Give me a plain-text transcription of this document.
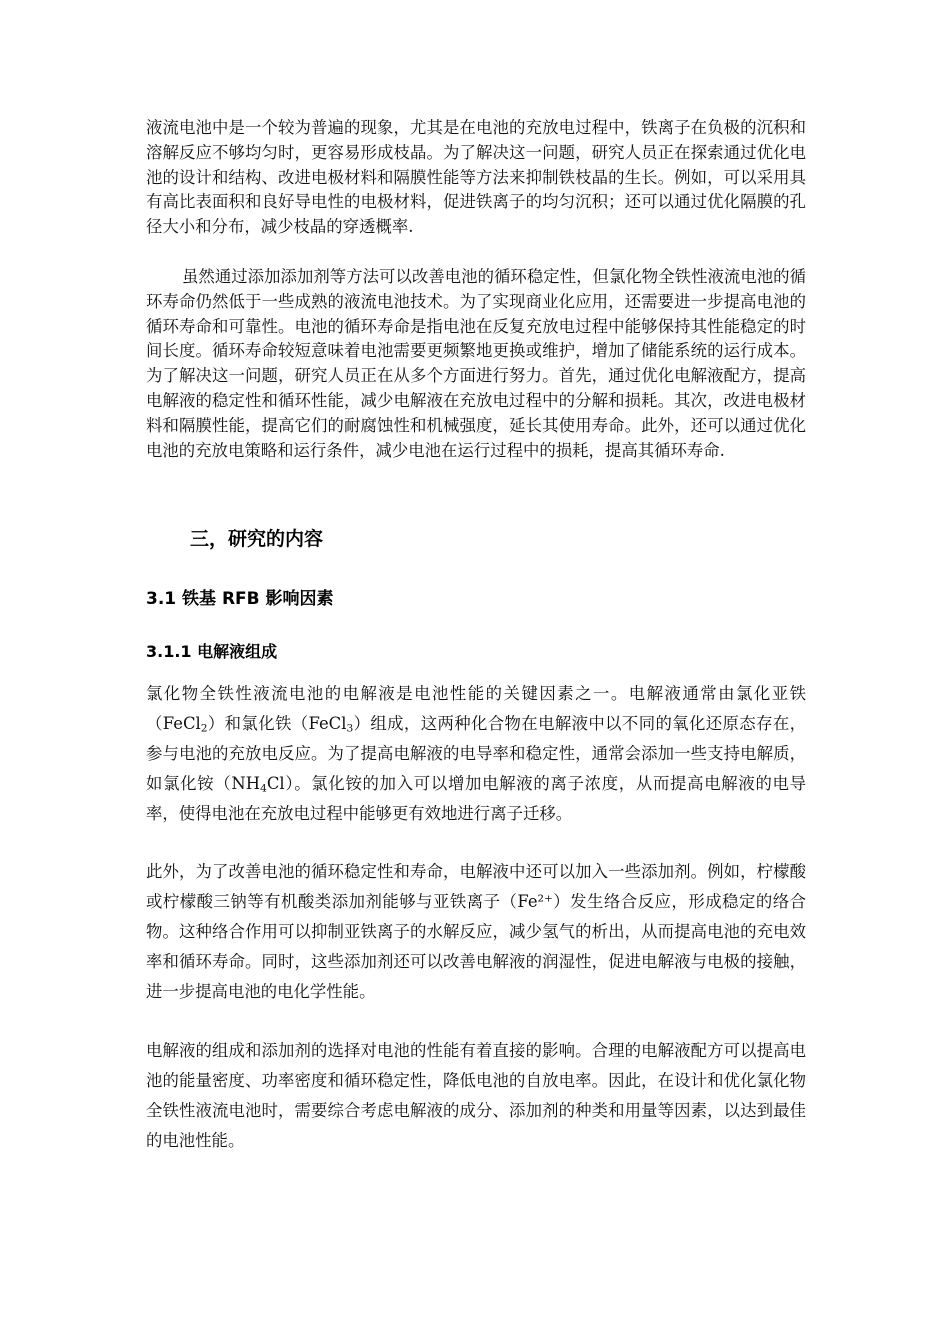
液流电池中是一个较为普遍的现象，尤其是在电池的充放电过程中，铁离子在负极的沉积和溶解反应不够均匀时，更容易形成枝晶。为了解决这一问题，研究人员正在探索通过优化电池的设计和结构、改进电极材料和隔膜性能等方法来抑制铁枝晶的生长。例如，可以采用具有高比表面积和良好导电性的电极材料，促进铁离子的均匀沉积；还可以通过优化隔膜的孔径大小和分布，减少枝晶的穿透概率.

虽然通过添加添加剂等方法可以改善电池的循环稳定性，但氯化物全铁性液流电池的循环寿命仍然低于一些成熟的液流电池技术。为了实现商业化应用，还需要进一步提高电池的循环寿命和可靠性。电池的循环寿命是指电池在反复充放电过程中能够保持其性能稳定的时间长度。循环寿命较短意味着电池需要更频繁地更换或维护，增加了储能系统的运行成本。为了解决这一问题，研究人员正在从多个方面进行努力。首先，通过优化电解液配方，提高电解液的稳定性和循环性能，减少电解液在充放电过程中的分解和损耗。其次，改进电极材料和隔膜性能，提高它们的耐腐蚀性和机械强度，延长其使用寿命。此外，还可以通过优化电池的充放电策略和运行条件，减少电池在运行过程中的损耗，提高其循环寿命.

三，研究的内容
3.1 铁基 RFB 影响因素
3.1.1 电解液组成

氯化物全铁性液流电池的电解液是电池性能的关键因素之一。电解液通常由氯化亚铁（FeCl$_2$）和氯化铁（FeCl$_3$）组成，这两种化合物在电解液中以不同的氧化还原态存在，参与电池的充放电反应。为了提高电解液的电导率和稳定性，通常会添加一些支持电解质，如氯化铵$(NH_4Cl)$。氯化铵的加入可以增加电解液的离子浓度，从而提高电解液的电导率，使得电池在充放电过程中能够更有效地进行离子迁移。

此外，为了改善电池的循环稳定性和寿命，电解液中还可以加入一些添加剂。例如，柠檬酸或柠檬酸三钠等有机酸类添加剂能够与亚铁离子（Fe²⁺）发生络合反应，形成稳定的络合物。这种络合作用可以抑制亚铁离子的水解反应，减少氢气的析出，从而提高电池的充电效率和循环寿命。同时，这些添加剂还可以改善电解液的润湿性，促进电解液与电极的接触，进一步提高电池的电化学性能。

电解液的组成和添加剂的选择对电池的性能有着直接的影响。合理的电解液配方可以提高电池的能量密度、功率密度和循环稳定性，降低电池的自放电率。因此，在设计和优化氯化物全铁性液流电池时，需要综合考虑电解液的成分、添加剂的种类和用量等因素，以达到最佳的电池性能。
